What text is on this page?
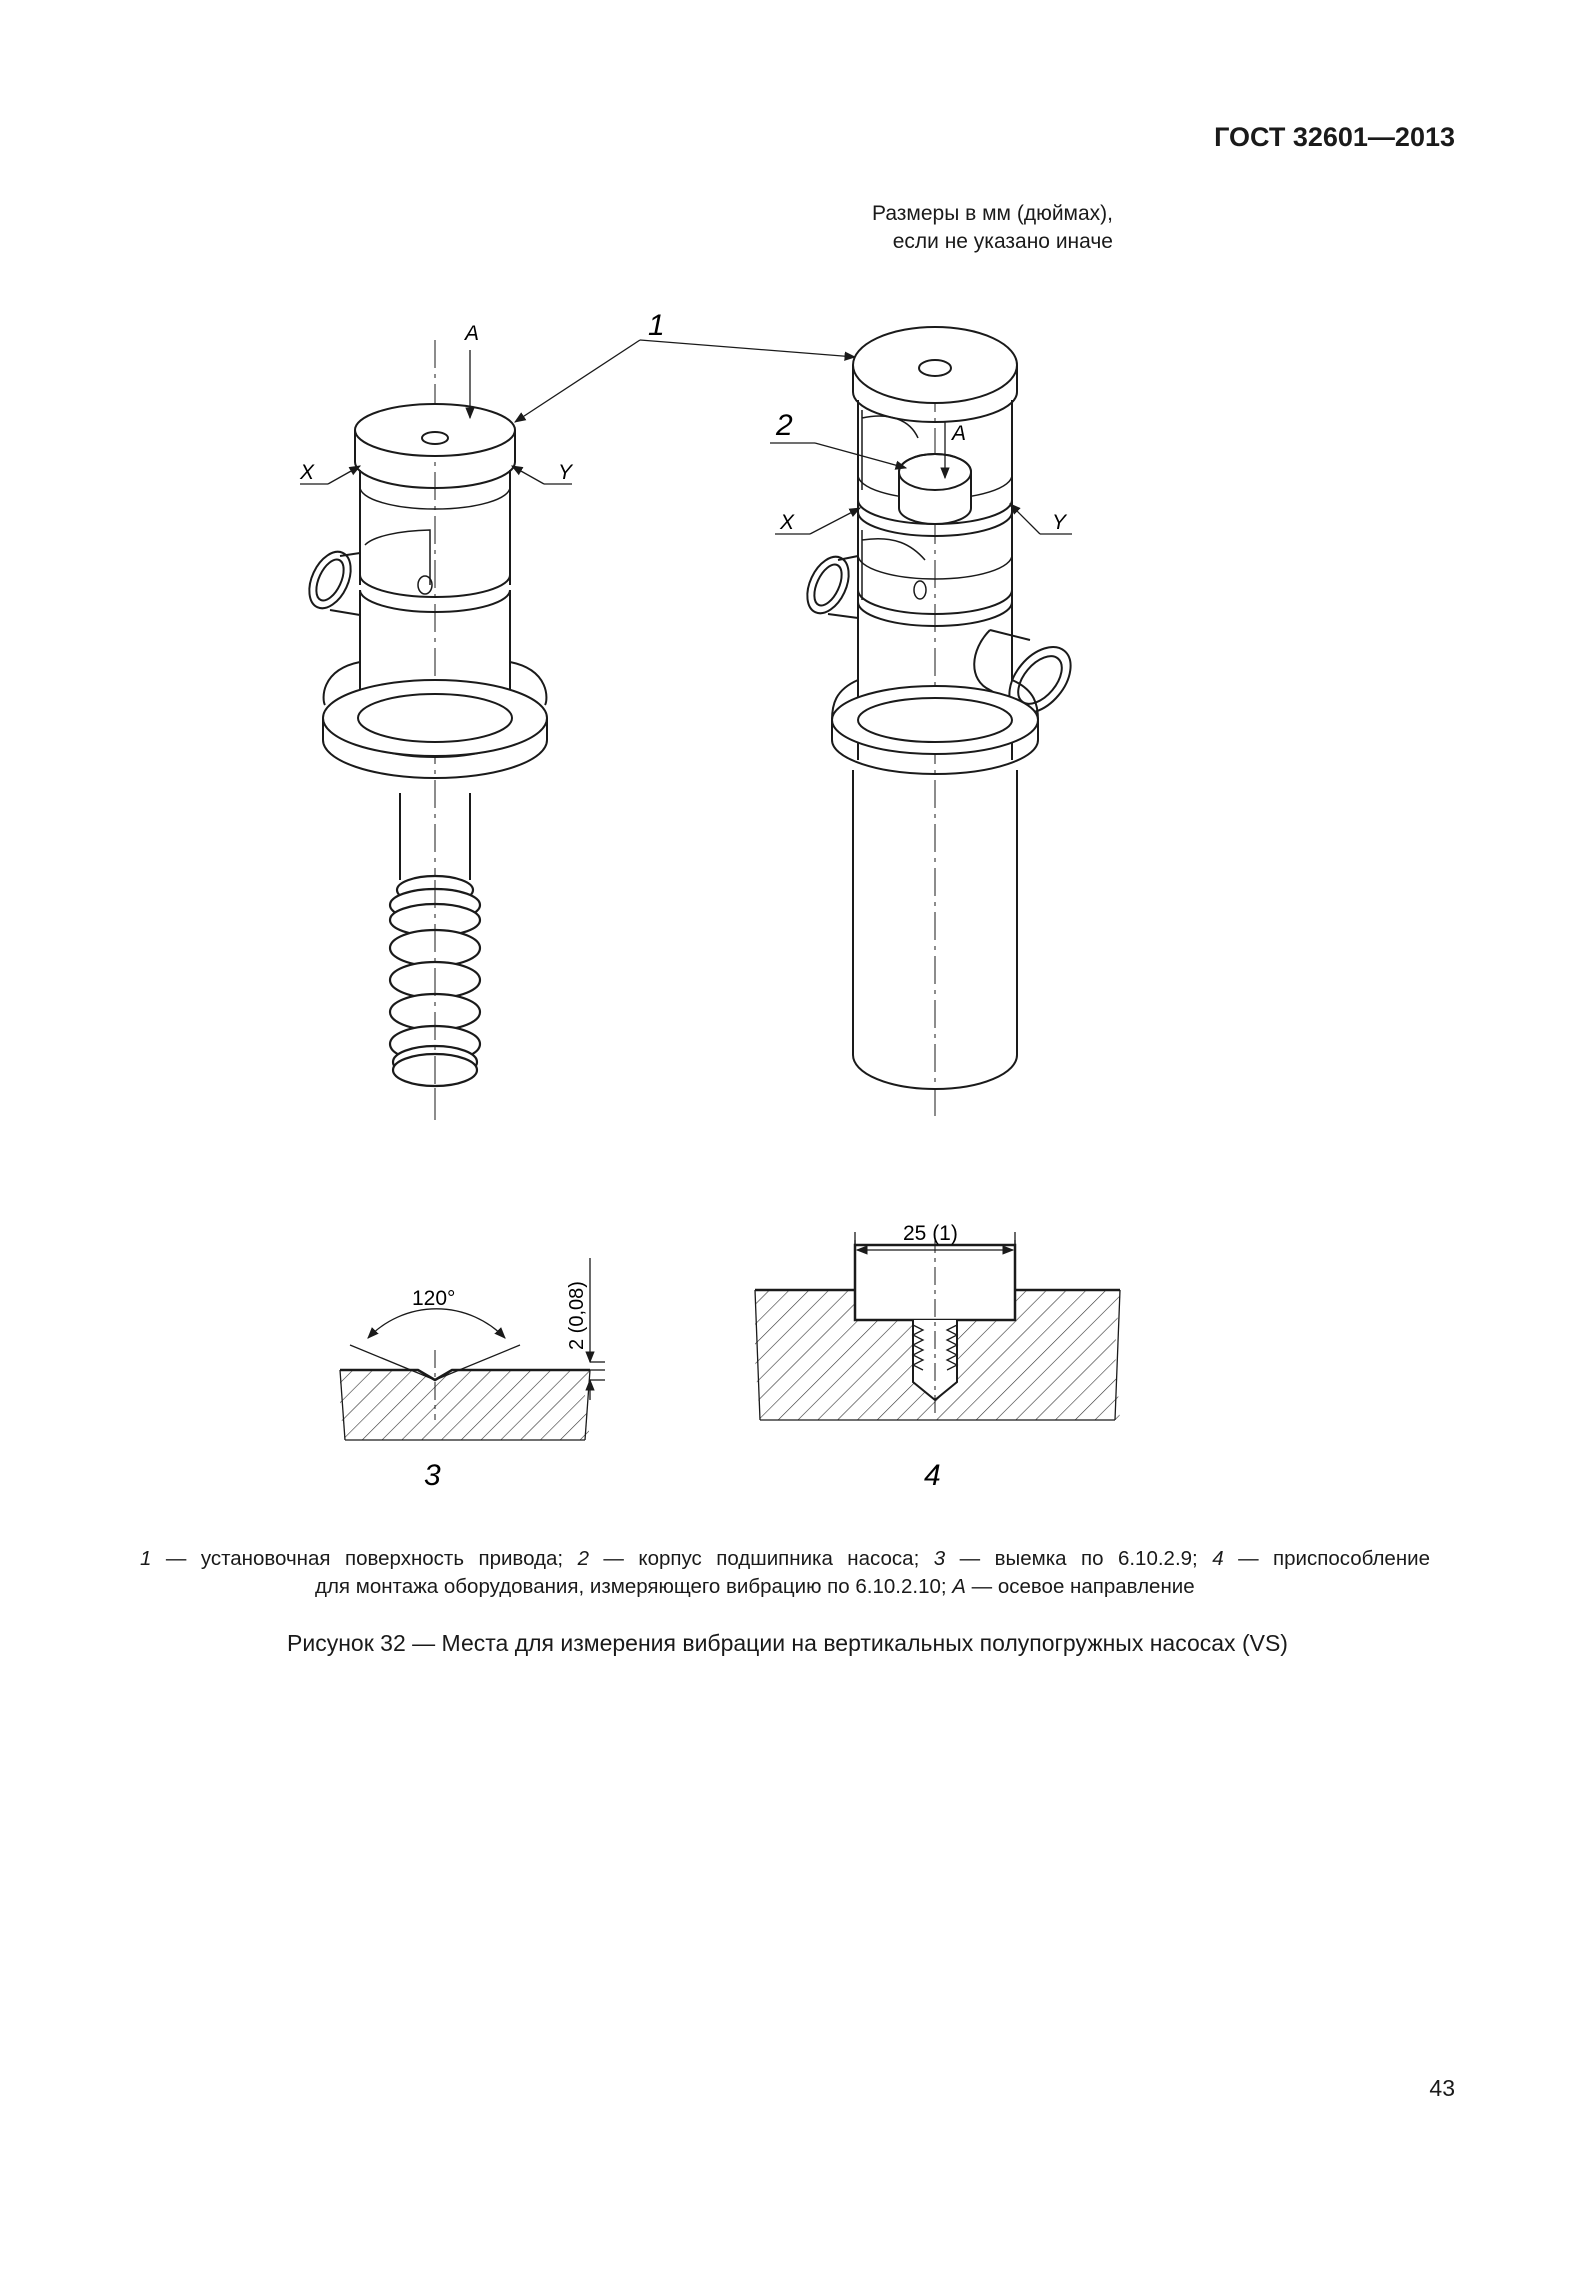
ГОСТ 32601—2013
Размеры в мм (дюймах),
если не указано иначе
A
X	Y
1
2	A
X	Y
120°	2 (0,08)
3
25 (1)
4
1 — установочная поверхность привода; 2 — корпус подшипника насоса; 3 — выемка по 6.10.2.9; 4 — приспособление
для монтажа оборудования, измеряющего вибрацию по 6.10.2.10; А — осевое направление
Рисунок 32 — Места для измерения вибрации на вертикальных полупогружных насосах (VS)
43
